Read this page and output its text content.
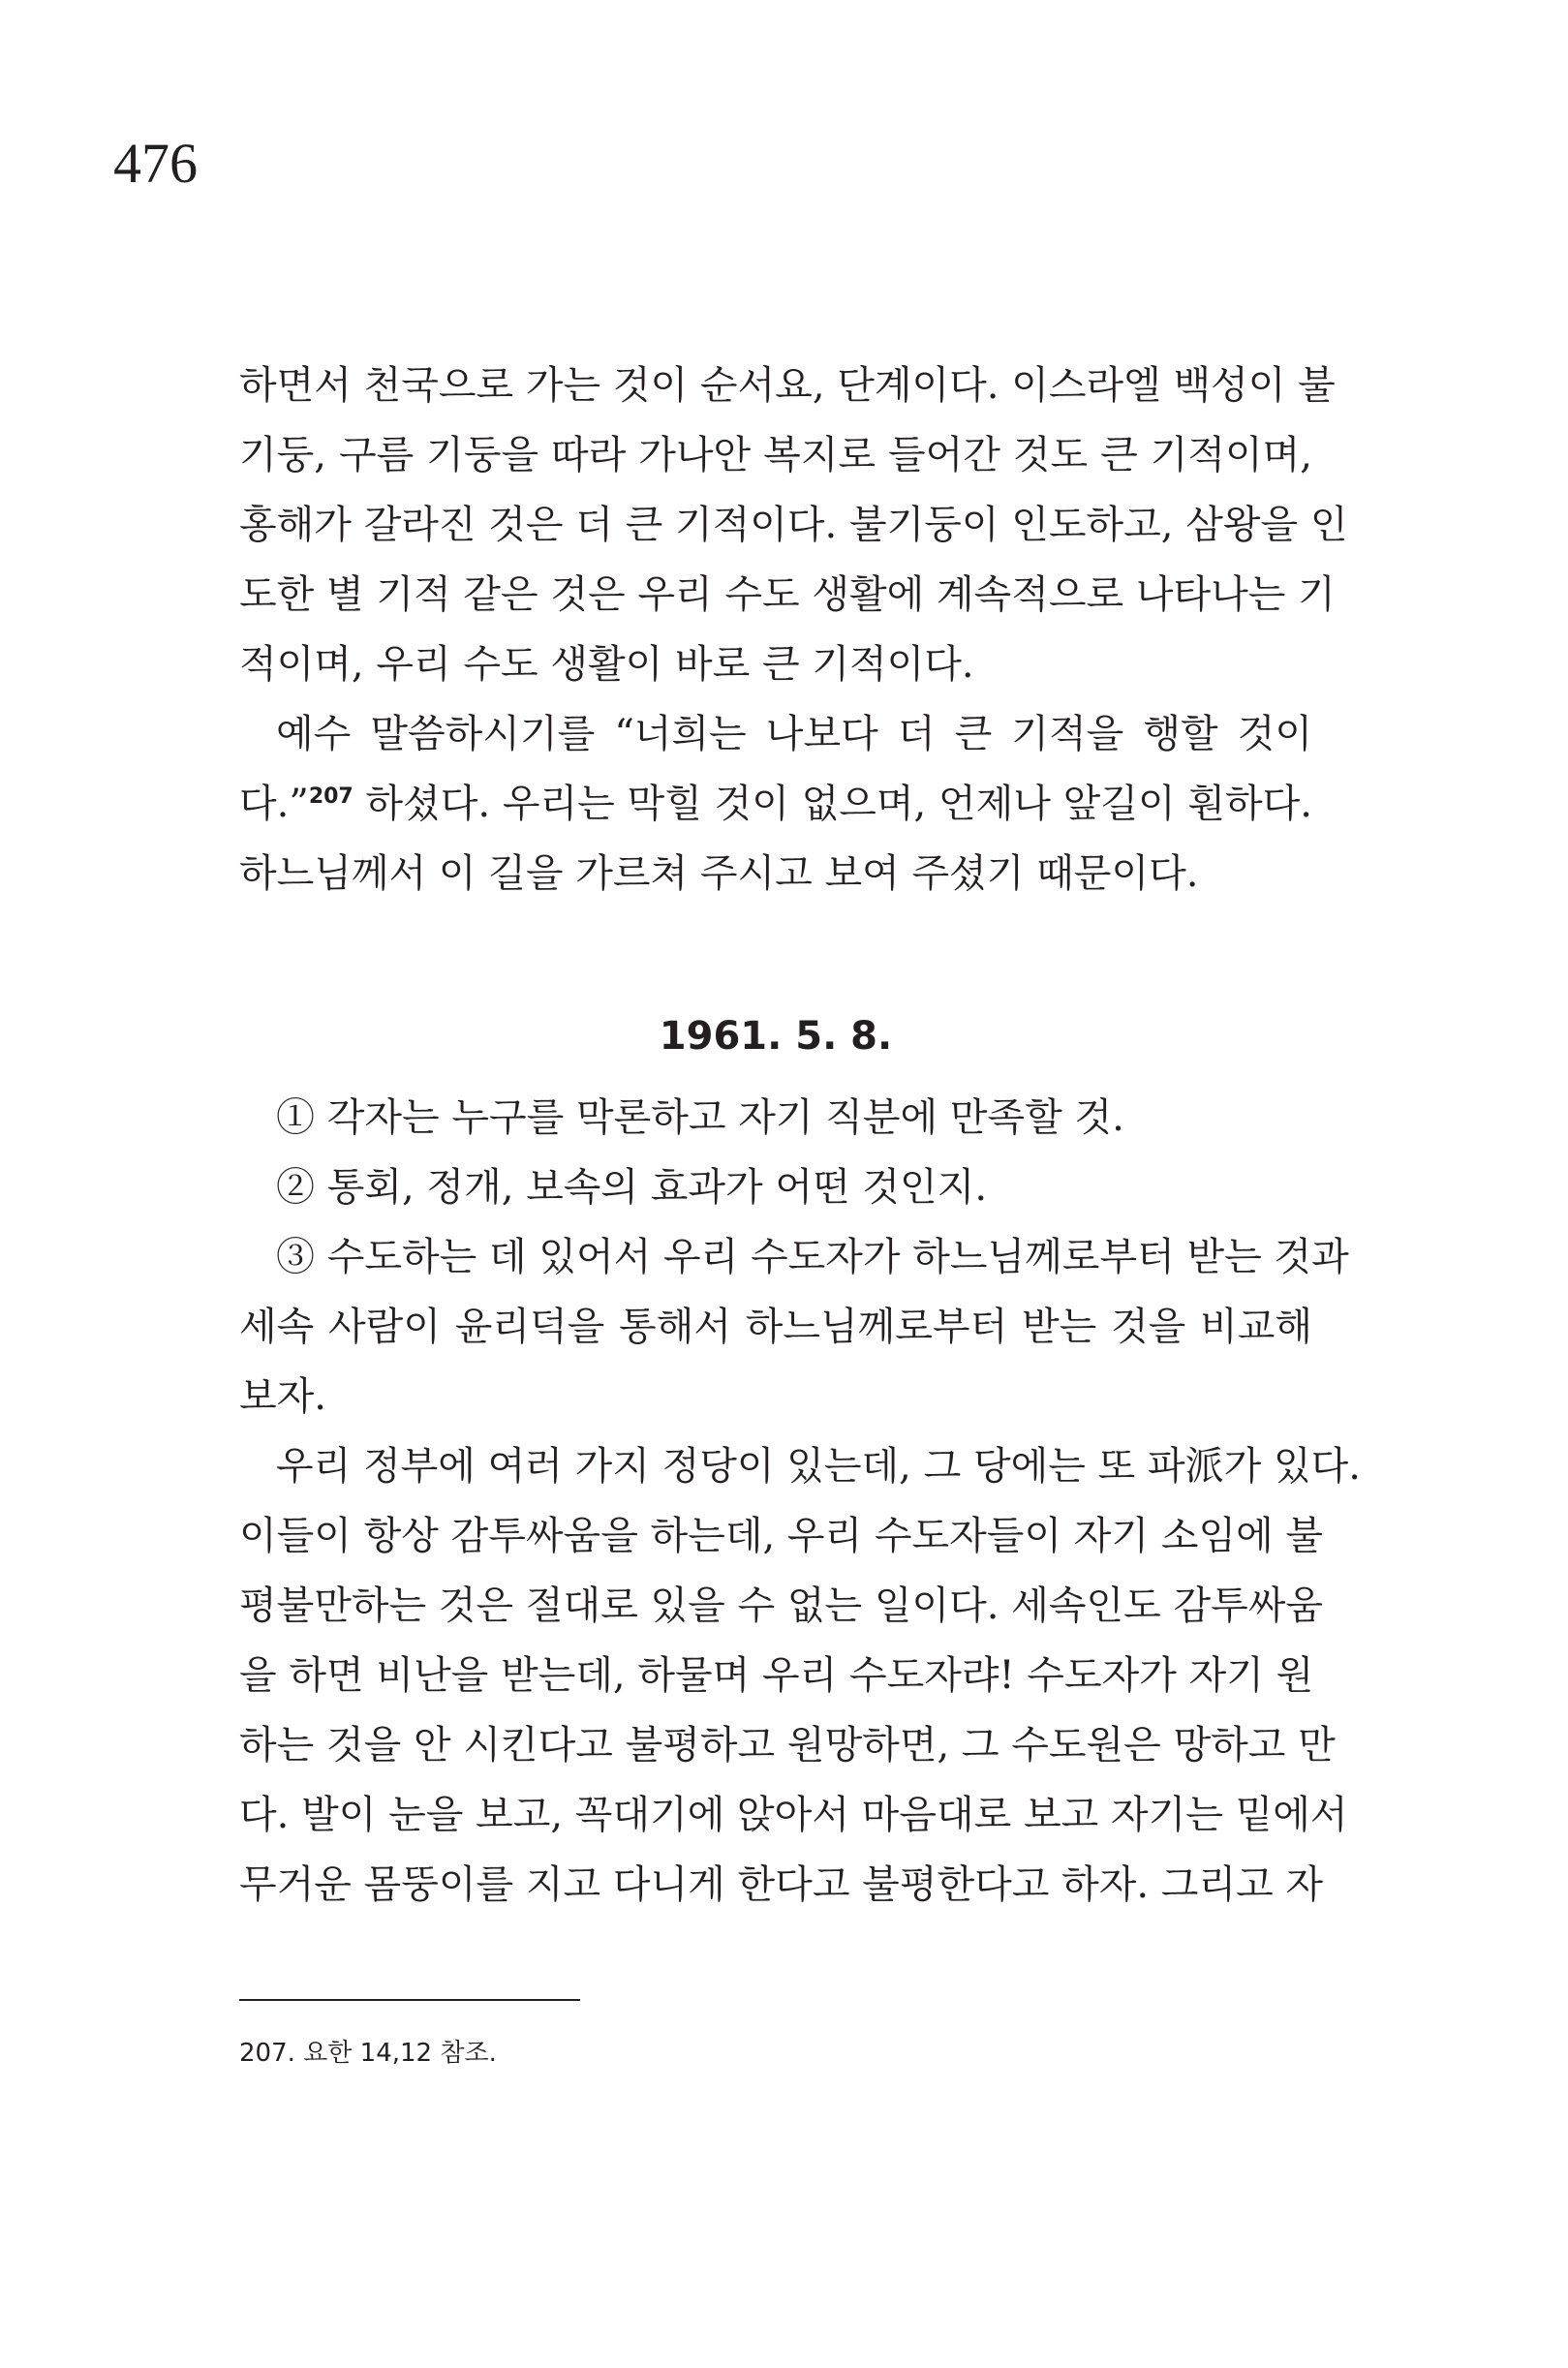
476

하면서 천국으로 가는 것이 순서요, 단계이다. 이스라엘 백성이 불
기둥, 구름 기둥을 따라 가나안 복지로 들어간 것도 큰 기적이며,
홍해가 갈라진 것은 더 큰 기적이다. 불기둥이 인도하고, 삼왕을 인
도한 별 기적 같은 것은 우리 수도 생활에 계속적으로 나타나는 기
적이며, 우리 수도 생활이 바로 큰 기적이다.

예수 말씀하시기를 “너희는 나보다 더 큰 기적을 행할 것이
다.”$^{207}$ 하셨다. 우리는 막힐 것이 없으며, 언제나 앞길이 훤하다.
하느님께서 이 길을 가르쳐 주시고 보여 주셨기 때문이다.

1961. 5. 8.

① 각자는 누구를 막론하고 자기 직분에 만족할 것.

② 통회, 정개, 보속의 효과가 어떤 것인지.

③ 수도하는 데 있어서 우리 수도자가 하느님께로부터 받는 것과
세속 사람이 윤리덕을 통해서 하느님께로부터 받는 것을 비교해
보자.

우리 정부에 여러 가지 정당이 있는데, 그 당에는 또 파派가 있다.
이들이 항상 감투싸움을 하는데, 우리 수도자들이 자기 소임에 불
평불만하는 것은 절대로 있을 수 없는 일이다. 세속인도 감투싸움
을 하면 비난을 받는데, 하물며 우리 수도자랴! 수도자가 자기 원
하는 것을 안 시킨다고 불평하고 원망하면, 그 수도원은 망하고 만
다. 발이 눈을 보고, 꼭대기에 앉아서 마음대로 보고 자기는 밑에서
무거운 몸뚱이를 지고 다니게 한다고 불평한다고 하자. 그리고 자

207. 요한 14,12 참조.
